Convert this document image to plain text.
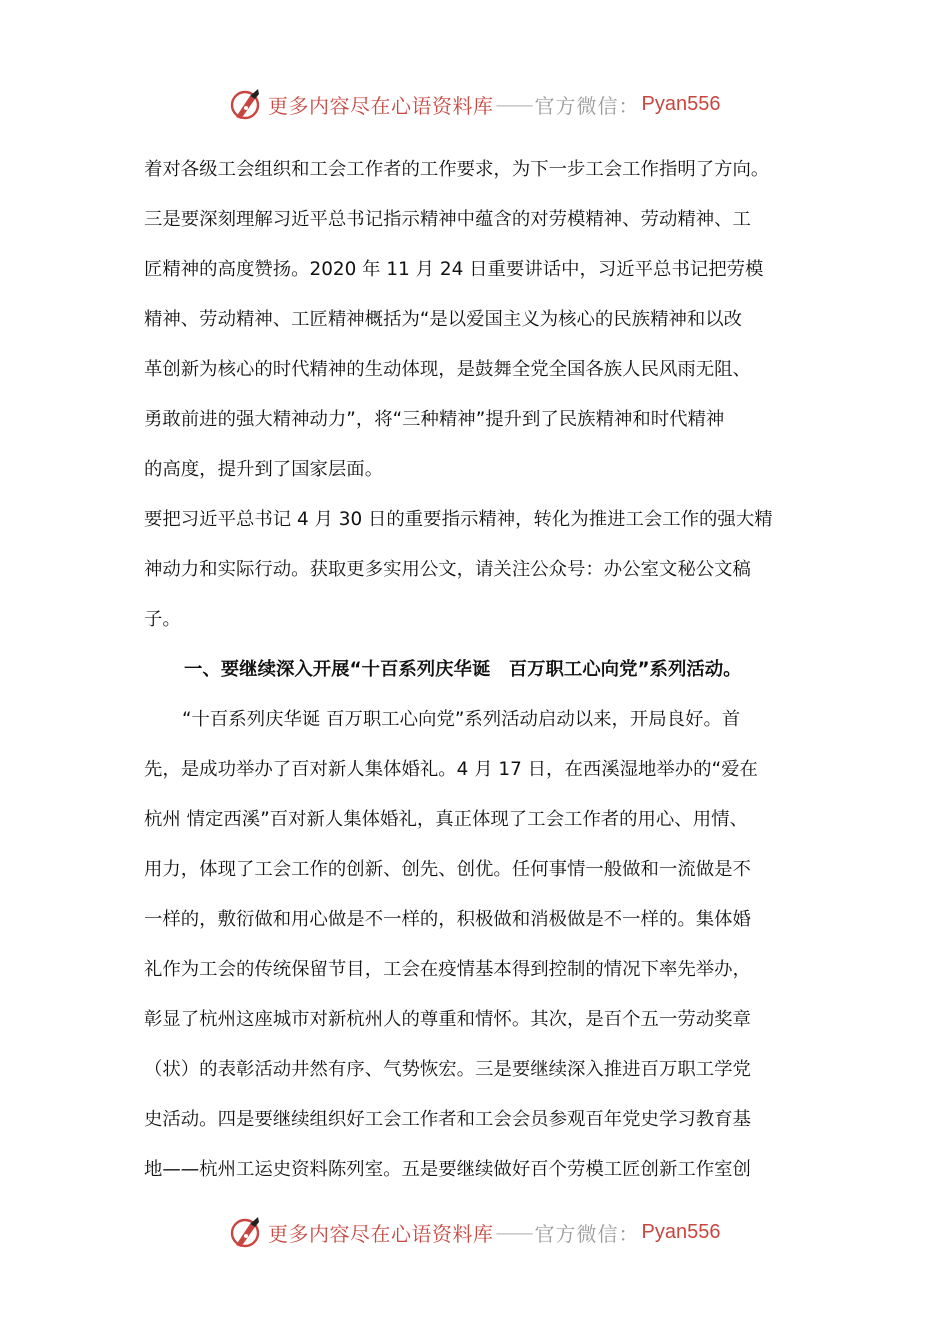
更多内容尽在心语资料库 —— 官方微信： Pyan556
着对各级工会组织和工会工作者的工作要求，为下一步工会工作指明了方向。
三是要深刻理解习近平总书记指示精神中蕴含的对劳模精神、劳动精神、工
匠精神的高度赞扬。2020 年 11 月 24 日重要讲话中，习近平总书记把劳模
精神、劳动精神、工匠精神概括为“是以爱国主义为核心的民族精神和以改
革创新为核心的时代精神的生动体现，是鼓舞全党全国各族人民风雨无阻、
勇敢前进的强大精神动力”，将“三种精神”提升到了民族精神和时代精神
的高度，提升到了国家层面。
要把习近平总书记 4 月 30 日的重要指示精神，转化为推进工会工作的强大精
神动力和实际行动。获取更多实用公文，请关注公众号：办公室文秘公文稿
子。
一、要继续深入开展“十百系列庆华诞　百万职工心向党”系列活动。
“十百系列庆华诞 百万职工心向党”系列活动启动以来，开局良好。首
先，是成功举办了百对新人集体婚礼。4 月 17 日，在西溪湿地举办的“爱在
杭州 情定西溪”百对新人集体婚礼，真正体现了工会工作者的用心、用情、
用力，体现了工会工作的创新、创先、创优。任何事情一般做和一流做是不
一样的，敷衍做和用心做是不一样的，积极做和消极做是不一样的。集体婚
礼作为工会的传统保留节目，工会在疫情基本得到控制的情况下率先举办，
彰显了杭州这座城市对新杭州人的尊重和情怀。其次，是百个五一劳动奖章
（状）的表彰活动井然有序、气势恢宏。三是要继续深入推进百万职工学党
史活动。四是要继续组织好工会工作者和工会会员参观百年党史学习教育基
地——杭州工运史资料陈列室。五是要继续做好百个劳模工匠创新工作室创
更多内容尽在心语资料库 —— 官方微信： Pyan556
